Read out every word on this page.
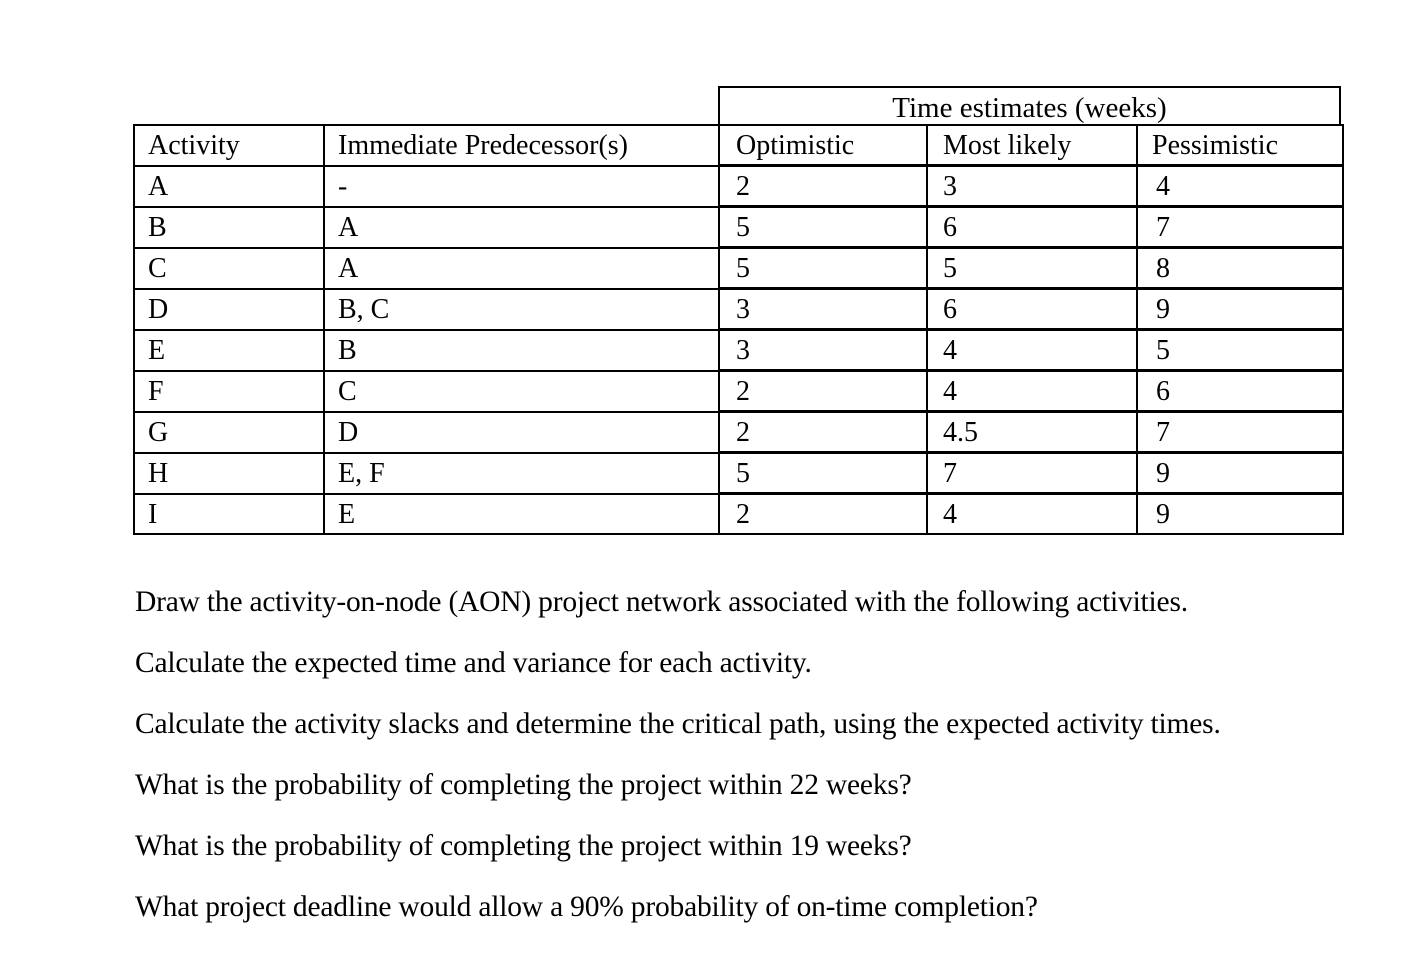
Time estimates (weeks)
Activity	Immediate Predecessor(s)	Optimistic	Most likely	Pessimistic
A	-	2	3	4
B	A	5	6	7
C	A	5	5	8
D	B, C	3	6	9
E	B	3	4	5
F	C	2	4	6
G	D	2	4.5	7
H	E, F	5	7	9
I	E	2	4	9

Draw the activity-on-node (AON) project network associated with the following activities.

Calculate the expected time and variance for each activity.

Calculate the activity slacks and determine the critical path, using the expected activity times.

What is the probability of completing the project within 22 weeks?

What is the probability of completing the project within 19 weeks?

What project deadline would allow a 90% probability of on-time completion?
